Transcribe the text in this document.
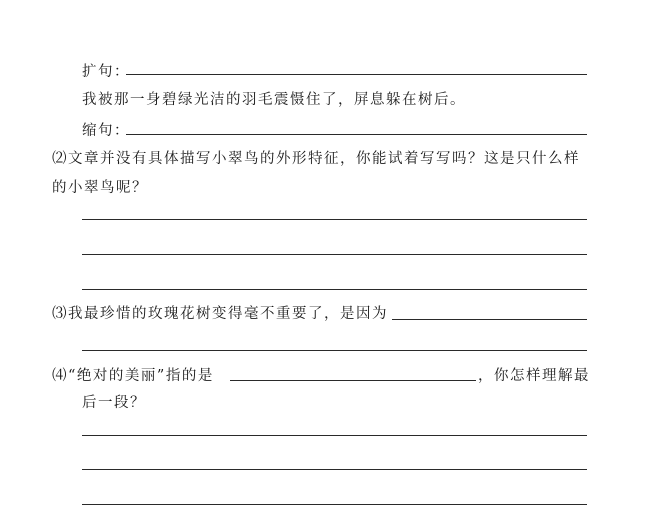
扩句：
我被那一身碧绿光洁的羽毛震慑住了，屏息躲在树后。
缩句：
⑵文章并没有具体描写小翠鸟的外形特征，你能试着写写吗？这是只什么样
的小翠鸟呢？
⑶我最珍惜的玫瑰花树变得毫不重要了，是因为
⑷“绝对的美丽”指的是	，你怎样理解最
后一段？
